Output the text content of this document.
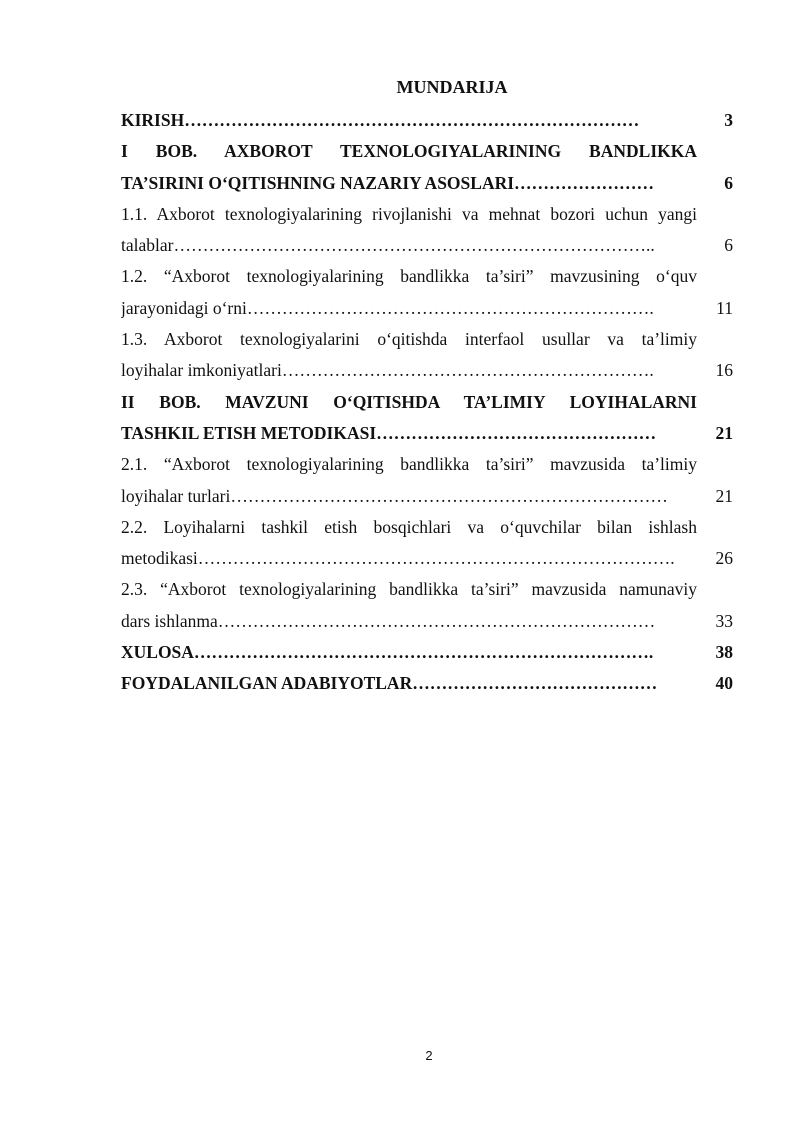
MUNDARIJA
KIRISH……………………………………………………………………	3
I BOB. AXBOROT TEXNOLOGIYALARINING BANDLIKKA
TA’SIRINI O‘QITISHNING NAZARIY ASOSLARI……………………	6
1.1. Axborot texnologiyalarining rivojlanishi va mehnat bozori uchun yangi
talablar………………………………………………………………………..	6
1.2. “Axborot texnologiyalarining bandlikka ta’siri” mavzusining o‘quv
jarayonidagi o‘rni…………………………………………………………….	11
1.3. Axborot texnologiyalarini o‘qitishda interfaol usullar va ta’limiy
loyihalar imkoniyatlari……………………………………………………….	16
II BOB. MAVZUNI O‘QITISHDA TA’LIMIY LOYIHALARNI
TASHKIL ETISH METODIKASI…………………………………………	21
2.1. “Axborot texnologiyalarining bandlikka ta’siri” mavzusida ta’limiy
loyihalar turlari…………………………………………………………………	21
2.2. Loyihalarni tashkil etish bosqichlari va o‘quvchilar bilan ishlash
metodikasi……………………………………………………………………….	26
2.3. “Axborot texnologiyalarining bandlikka ta’siri” mavzusida namunaviy
dars ishlanma…………………………………………………………………	33
XULOSA…………………………………………………………………….	38
FOYDALANILGAN ADABIYOTLAR……………………………………	40
2
